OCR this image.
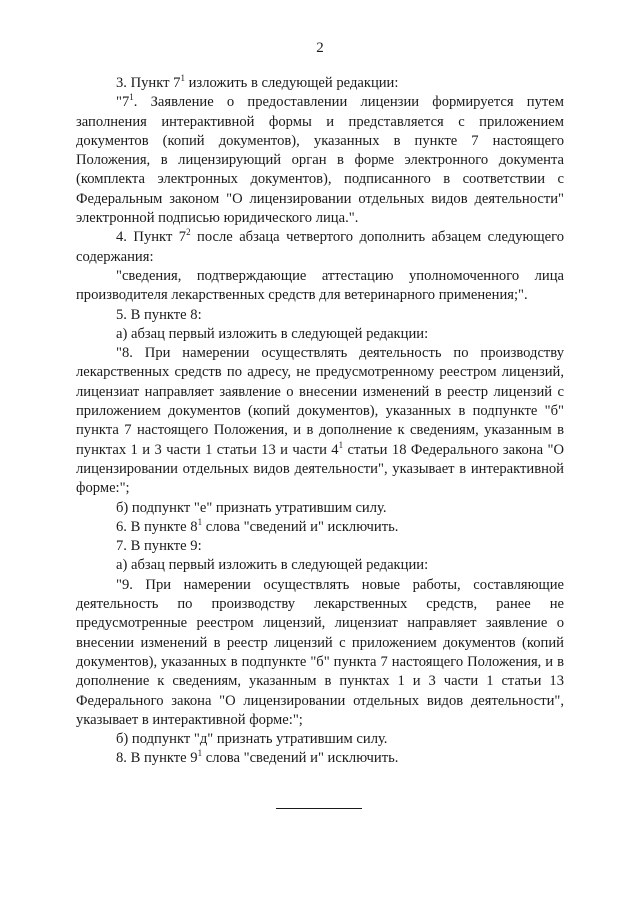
2

3. Пункт $7^1$ изложить в следующей редакции:

"$7^1$. Заявление о предоставлении лицензии формируется путем заполнения интерактивной формы и представляется с приложением документов (копий документов), указанных в пункте 7 настоящего Положения, в лицензирующий орган в форме электронного документа (комплекта электронных документов), подписанного в соответствии с Федеральным законом "О лицензировании отдельных видов деятельности" электронной подписью юридического лица.".

4. Пункт $7^2$ после абзаца четвертого дополнить абзацем следующего содержания:

"сведения, подтверждающие аттестацию уполномоченного лица производителя лекарственных средств для ветеринарного применения;".

5. В пункте 8:

а) абзац первый изложить в следующей редакции:

"8. При намерении осуществлять деятельность по производству лекарственных средств по адресу, не предусмотренному реестром лицензий, лицензиат направляет заявление о внесении изменений в реестр лицензий с приложением документов (копий документов), указанных в подпункте "б" пункта 7 настоящего Положения, и в дополнение к сведениям, указанным в пунктах 1 и 3 части 1 статьи 13 и части $4^1$ статьи 18 Федерального закона "О лицензировании отдельных видов деятельности", указывает в интерактивной форме:";

б) подпункт "е" признать утратившим силу.

6. В пункте $8^1$ слова "сведений и" исключить.

7. В пункте 9:

а) абзац первый изложить в следующей редакции:

"9. При намерении осуществлять новые работы, составляющие деятельность по производству лекарственных средств, ранее не предусмотренные реестром лицензий, лицензиат направляет заявление о внесении изменений в реестр лицензий с приложением документов (копий документов), указанных в подпункте "б" пункта 7 настоящего Положения, и в дополнение к сведениям, указанным в пунктах 1 и 3 части 1 статьи 13 Федерального закона "О лицензировании отдельных видов деятельности", указывает в интерактивной форме:";

б) подпункт "д" признать утратившим силу.

8. В пункте $9^1$ слова "сведений и" исключить.
